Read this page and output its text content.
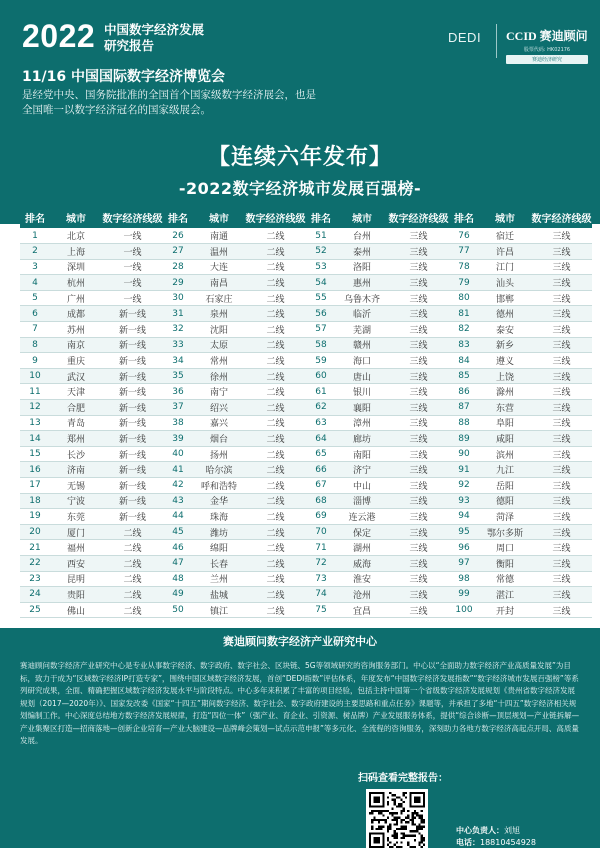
2022 中国数字经济发展
研究报告
DEDI CCID 赛迪顾问
股票代码: HK02176
赛迪经济研究
11/16 中国国际数字经济博览会
是经党中央、国务院批准的全国首个国家级数字经济展会，也是全国唯一以数字经济冠名的国家级展会。
【连续六年发布】
-2022数字经济城市发展百强榜-
排名	城市	数字经济线级	排名	城市	数字经济线级	排名	城市	数字经济线级	排名	城市	数字经济线级
1	北京	一线	26	南通	二线	51	台州	三线	76	宿迁	三线
2	上海	一线	27	温州	二线	52	泰州	三线	77	许昌	三线
3	深圳	一线	28	大连	二线	53	洛阳	三线	78	江门	三线
4	杭州	一线	29	南昌	二线	54	惠州	三线	79	汕头	三线
5	广州	一线	30	石家庄	二线	55	乌鲁木齐	三线	80	邯郸	三线
6	成都	新一线	31	泉州	二线	56	临沂	三线	81	德州	三线
7	苏州	新一线	32	沈阳	二线	57	芜湖	三线	82	泰安	三线
8	南京	新一线	33	太原	二线	58	赣州	三线	83	新乡	三线
9	重庆	新一线	34	常州	二线	59	海口	三线	84	遵义	三线
10	武汉	新一线	35	徐州	二线	60	唐山	三线	85	上饶	三线
11	天津	新一线	36	南宁	二线	61	银川	三线	86	滁州	三线
12	合肥	新一线	37	绍兴	二线	62	襄阳	三线	87	东营	三线
13	青岛	新一线	38	嘉兴	二线	63	漳州	三线	88	阜阳	三线
14	郑州	新一线	39	烟台	二线	64	廊坊	三线	89	咸阳	三线
15	长沙	新一线	40	扬州	二线	65	南阳	三线	90	滨州	三线
16	济南	新一线	41	哈尔滨	二线	66	济宁	三线	91	九江	三线
17	无锡	新一线	42	呼和浩特	二线	67	中山	三线	92	岳阳	三线
18	宁波	新一线	43	金华	二线	68	淄博	三线	93	德阳	三线
19	东莞	新一线	44	珠海	二线	69	连云港	三线	94	菏泽	三线
20	厦门	二线	45	潍坊	二线	70	保定	三线	95	鄂尔多斯	三线
21	福州	二线	46	绵阳	二线	71	湖州	三线	96	周口	三线
22	西安	二线	47	长春	二线	72	威海	三线	97	衡阳	三线
23	昆明	二线	48	兰州	二线	73	淮安	三线	98	常德	三线
24	贵阳	二线	49	盐城	二线	74	沧州	三线	99	湛江	三线
25	佛山	二线	50	镇江	二线	75	宜昌	三线	100	开封	三线
赛迪顾问数字经济产业研究中心
赛迪顾问数字经济产业研究中心是专业从事数字经济、数字政府、数字社会、区块链、5G等领域研究的咨询服务部门。中心以“全面助力数字经济产业高质量发展”为目标，致力于成为“区域数字经济IP打造专家”，围绕中国区域数字经济发展，首创“DEDI指数”评估体系，年度发布“中国数字经济发展指数”“数字经济城市发展百强榜”等系列研究成果，全面、精确把握区域数字经济发展水平与阶段特点。中心多年来积累了丰富的项目经验，包括主持中国第一个省级数字经济发展规划《贵州省数字经济发展规划（2017—2020年）》、国家发改委《国家“十四五”期间数字经济、数字社会、数字政府建设的主要思路和重点任务》课题等，并承担了多地“十四五”数字经济相关规划编制工作。中心深度总结地方数字经济发展规律，打造“四位一体”（强产业、育企业、引资源、树品牌）产业发展服务体系，提供“综合诊断—顶层规划—产业链拆解—产业集聚区打造—招商落地—创新企业培育—产业大脑建设—品牌峰会策划—试点示范申报”等多元化、全流程的咨询服务，深刻助力各地方数字经济高起点开局、高质量发展。
扫码查看完整报告：
中心负责人：刘旭
电话：18810454928
邮箱：liuxu@ccidconsulting.com
